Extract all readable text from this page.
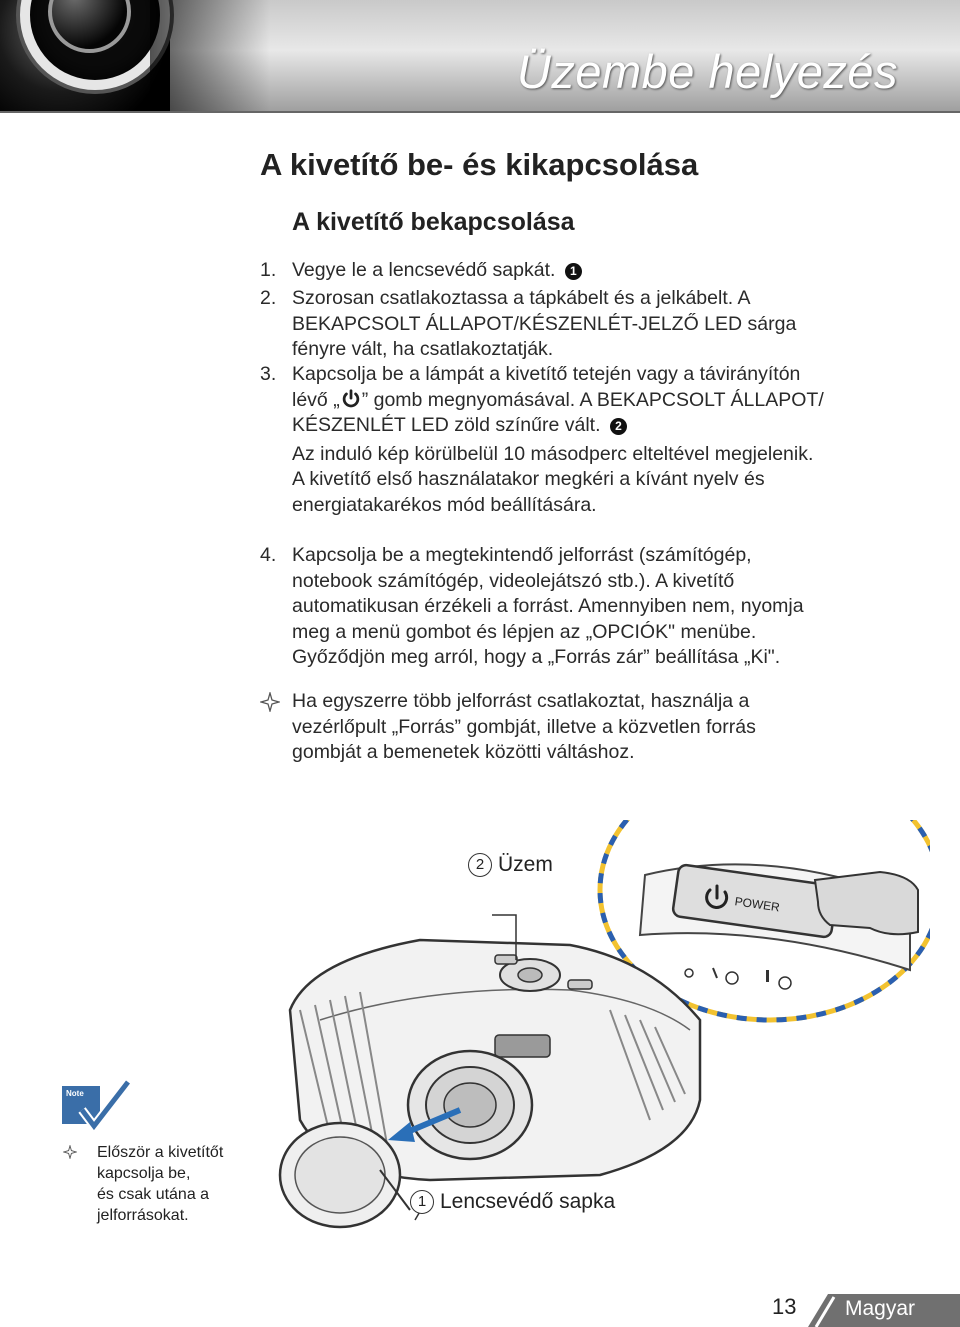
Üzembe helyezés
A kivetítő be- és kikapcsolása
A kivetítő bekapcsolása
1. Vegye le a lencsevédő sapkát. 1
2. Szorosan csatlakoztassa a tápkábelt és a jelkábelt. A
BEKAPCSOLT ÁLLAPOT/KÉSZENLÉT-JELZŐ LED sárga
fényre vált, ha csatlakoztatják.
3. Kapcsolja be a lámpát a kivetítő tetején vagy a távirányítón
lévő „ ” gomb megnyomásával. A BEKAPCSOLT ÁLLAPOT/
KÉSZENLÉT LED zöld színűre vált. 2
Az induló kép körülbelül 10 másodperc elteltével megjelenik.
A kivetítő első használatakor megkéri a kívánt nyelv és
energiatakarékos mód beállítására.
4. Kapcsolja be a megtekintendő jelforrást (számítógép,
notebook számítógép, videolejátszó stb.). A kivetítő
automatikusan érzékeli a forrást. Amennyiben nem, nyomja
meg a menü gombot és lépjen az „OPCIÓK" menübe.
Győződjön meg arról, hogy a „Forrás zár” beállítása „Ki".
Ha egyszerre több jelforrást csatlakoztat, használja a
vezérlőpult „Forrás” gombját, illetve a közvetlen forrás
gombját a bemenetek közötti váltáshoz.
POWER
2 Üzem
1 Lencsevédő sapka
Note
Először a kivetítőt
kapcsolja be,
és csak utána a
jelforrásokat.
13 Magyar
